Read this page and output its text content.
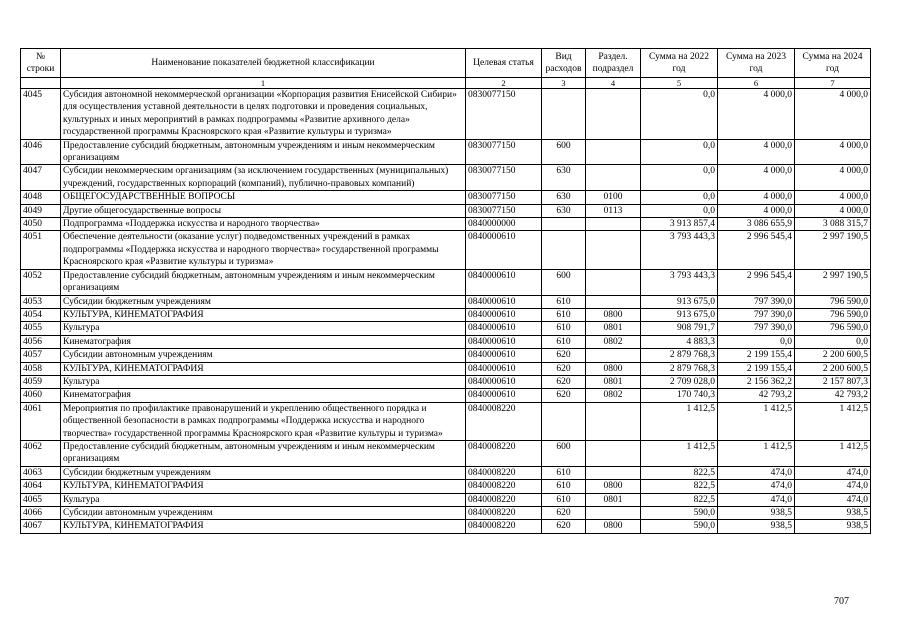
№ строки	Наименование показателей бюджетной классификации	Целевая статья	Вид расходов	Раздел. подраздел	Сумма на 2022 год	Сумма на 2023 год	Сумма на 2024 год
	1	2	3	4	5	6	7
4045	Субсидия автономной некоммерческой организации «Корпорация развития Енисейской Сибири» для осуществления уставной деятельности в целях подготовки и проведения социальных, культурных и иных мероприятий в рамках подпрограммы «Развитие архивного дела» государственной программы Красноярского края «Развитие культуры и туризма»	0830077150			0,0	4 000,0	4 000,0
4046	Предоставление субсидий бюджетным, автономным учреждениям и иным некоммерческим организациям	0830077150	600		0,0	4 000,0	4 000,0
4047	Субсидии некоммерческим организациям (за исключением государственных (муниципальных) учреждений, государственных корпораций (компаний), публично-правовых компаний)	0830077150	630		0,0	4 000,0	4 000,0
4048	ОБЩЕГОСУДАРСТВЕННЫЕ ВОПРОСЫ	0830077150	630	0100	0,0	4 000,0	4 000,0
4049	Другие общегосударственные вопросы	0830077150	630	0113	0,0	4 000,0	4 000,0
4050	Подпрограмма «Поддержка искусства и народного творчества»	0840000000			3 913 857,4	3 086 655,9	3 088 315,7
4051	Обеспечение деятельности (оказание услуг) подведомственных учреждений в рамках подпрограммы «Поддержка искусства и народного творчества» государственной программы Красноярского края «Развитие культуры и туризма»	0840000610			3 793 443,3	2 996 545,4	2 997 190,5
4052	Предоставление субсидий бюджетным, автономным учреждениям и иным некоммерческим организациям	0840000610	600		3 793 443,3	2 996 545,4	2 997 190,5
4053	Субсидии бюджетным учреждениям	0840000610	610		913 675,0	797 390,0	796 590,0
4054	КУЛЬТУРА, КИНЕМАТОГРАФИЯ	0840000610	610	0800	913 675,0	797 390,0	796 590,0
4055	Культура	0840000610	610	0801	908 791,7	797 390,0	796 590,0
4056	Кинематография	0840000610	610	0802	4 883,3	0,0	0,0
4057	Субсидии автономным учреждениям	0840000610	620		2 879 768,3	2 199 155,4	2 200 600,5
4058	КУЛЬТУРА, КИНЕМАТОГРАФИЯ	0840000610	620	0800	2 879 768,3	2 199 155,4	2 200 600,5
4059	Культура	0840000610	620	0801	2 709 028,0	2 156 362,2	2 157 807,3
4060	Кинематография	0840000610	620	0802	170 740,3	42 793,2	42 793,2
4061	Мероприятия по профилактике правонарушений и укреплению общественного порядка и общественной безопасности в рамках подпрограммы «Поддержка искусства и народного творчества» государственной программы Красноярского края «Развитие культуры и туризма»	0840008220			1 412,5	1 412,5	1 412,5
4062	Предоставление субсидий бюджетным, автономным учреждениям и иным некоммерческим организациям	0840008220	600		1 412,5	1 412,5	1 412,5
4063	Субсидии бюджетным учреждениям	0840008220	610		822,5	474,0	474,0
4064	КУЛЬТУРА, КИНЕМАТОГРАФИЯ	0840008220	610	0800	822,5	474,0	474,0
4065	Культура	0840008220	610	0801	822,5	474,0	474,0
4066	Субсидии автономным учреждениям	0840008220	620		590,0	938,5	938,5
4067	КУЛЬТУРА, КИНЕМАТОГРАФИЯ	0840008220	620	0800	590,0	938,5	938,5
707
